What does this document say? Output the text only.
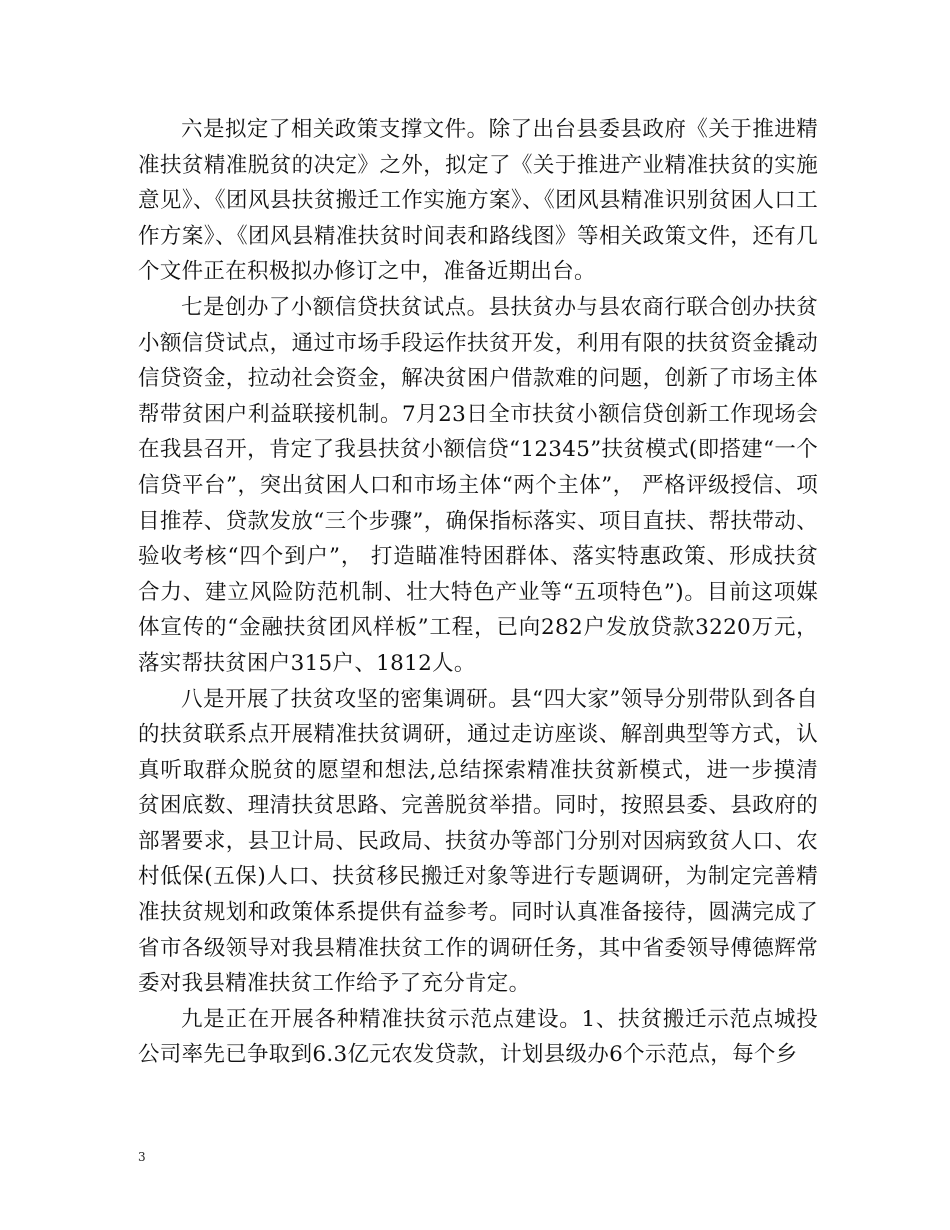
六是拟定了相关政策支撑文件。除了出台县委县政府《关于推进精准扶贫精准脱贫的决定》之外，拟定了《关于推进产业精准扶贫的实施意见》、《团风县扶贫搬迁工作实施方案》、《团风县精准识别贫困人口工作方案》、《团风县精准扶贫时间表和路线图》等相关政策文件，还有几个文件正在积极拟办修订之中，准备近期出台。

七是创办了小额信贷扶贫试点。县扶贫办与县农商行联合创办扶贫小额信贷试点，通过市场手段运作扶贫开发，利用有限的扶贫资金撬动信贷资金，拉动社会资金，解决贫困户借款难的问题，创新了市场主体帮带贫困户利益联接机制。7月23日全市扶贫小额信贷创新工作现场会在我县召开，肯定了我县扶贫小额信贷“12345”扶贫模式(即搭建“一个信贷平台”，突出贫困人口和市场主体“两个主体”， 严格评级授信、项目推荐、贷款发放“三个步骤”，确保指标落实、项目直扶、帮扶带动、验收考核“四个到户”， 打造瞄准特困群体、落实特惠政策、形成扶贫合力、建立风险防范机制、壮大特色产业等“五项特色”)。目前这项媒体宣传的“金融扶贫团风样板”工程，已向282户发放贷款3220万元，落实帮扶贫困户315户、1812人。

八是开展了扶贫攻坚的密集调研。县“四大家”领导分别带队到各自的扶贫联系点开展精准扶贫调研，通过走访座谈、解剖典型等方式，认真听取群众脱贫的愿望和想法,总结探索精准扶贫新模式，进一步摸清贫困底数、理清扶贫思路、完善脱贫举措。同时，按照县委、县政府的部署要求，县卫计局、民政局、扶贫办等部门分别对因病致贫人口、农村低保(五保)人口、扶贫移民搬迁对象等进行专题调研，为制定完善精准扶贫规划和政策体系提供有益参考。同时认真准备接待，圆满完成了省市各级领导对我县精准扶贫工作的调研任务，其中省委领导傅德辉常委对我县精准扶贫工作给予了充分肯定。

九是正在开展各种精准扶贫示范点建设。1、扶贫搬迁示范点城投公司率先已争取到6.3亿元农发贷款，计划县级办6个示范点，每个乡

3
